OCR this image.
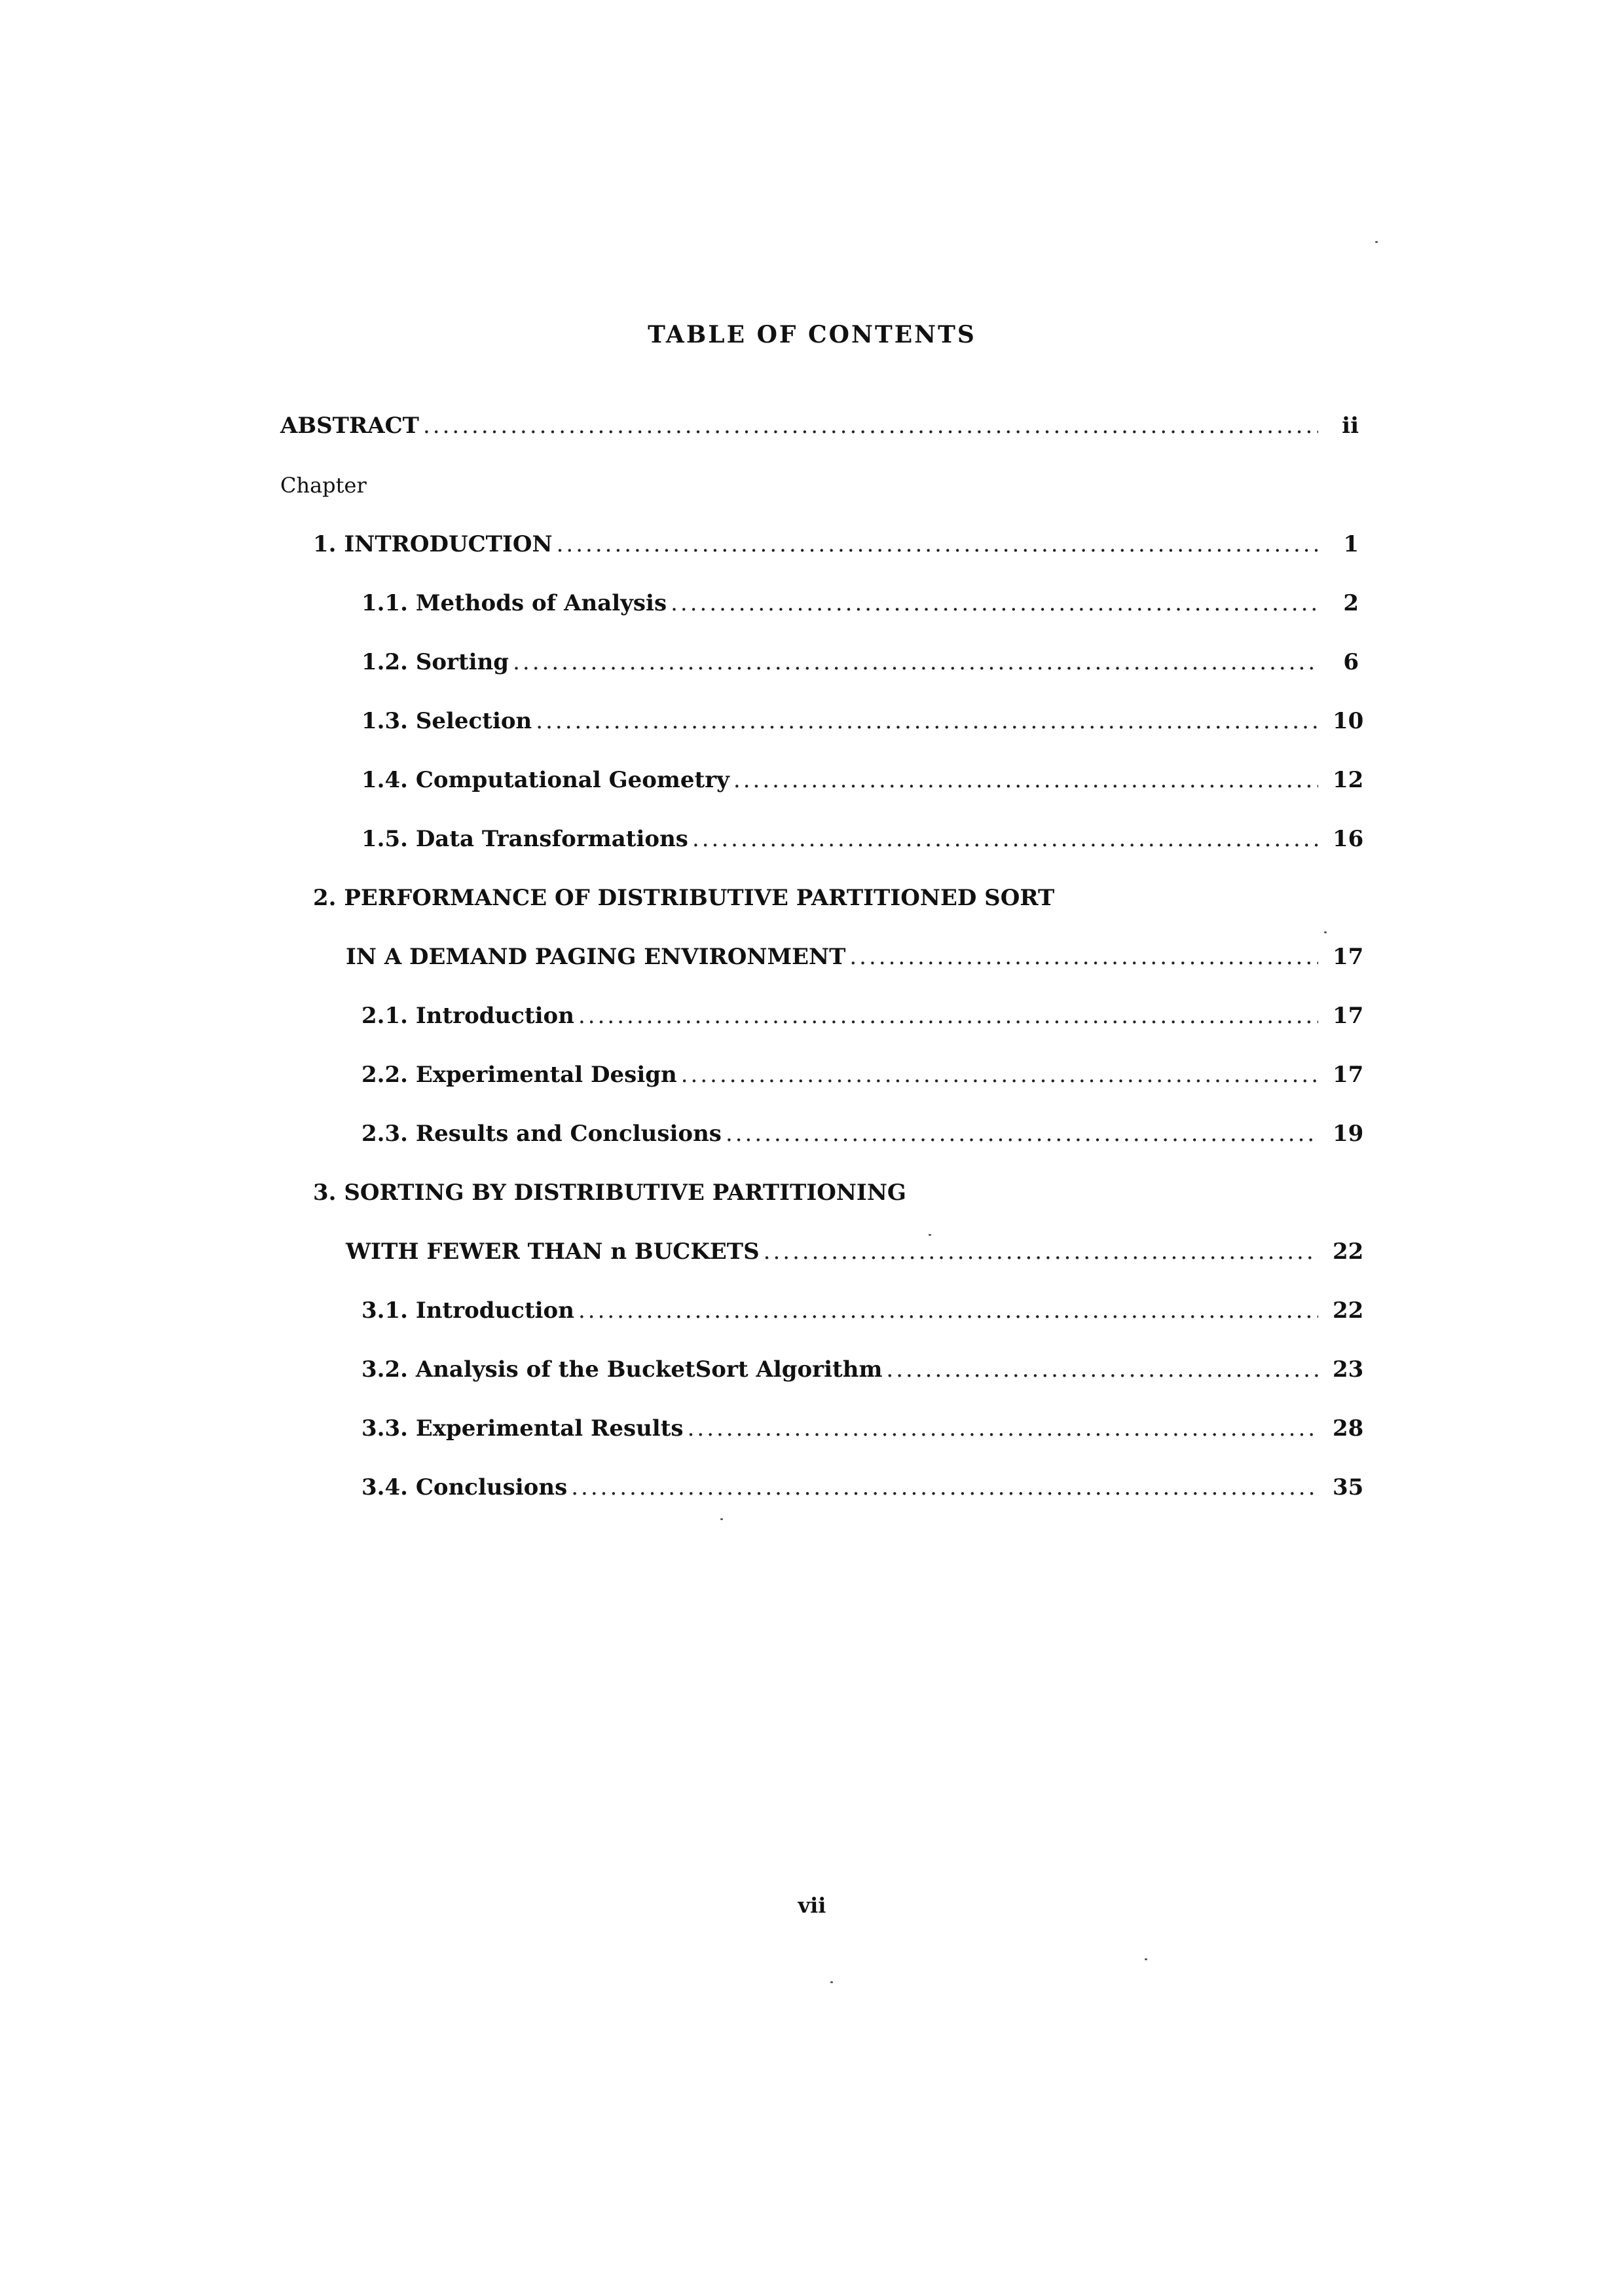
TABLE OF CONTENTS
ABSTRACT .....	ii
Chapter
1. INTRODUCTION .....	1
1.1. Methods of Analysis .....	2
1.2. Sorting .....	6
1.3. Selection .....	10
1.4. Computational Geometry .....	12
1.5. Data Transformations .....	16
2. PERFORMANCE OF DISTRIBUTIVE PARTITIONED SORT
IN A DEMAND PAGING ENVIRONMENT .....	17
2.1. Introduction .....	17
2.2. Experimental Design .....	17
2.3. Results and Conclusions .....	19
3. SORTING BY DISTRIBUTIVE PARTITIONING
WITH FEWER THAN n BUCKETS .....	22
3.1. Introduction .....	22
3.2. Analysis of the BucketSort Algorithm .....	23
3.3. Experimental Results .....	28
3.4. Conclusions .....	35
vii
